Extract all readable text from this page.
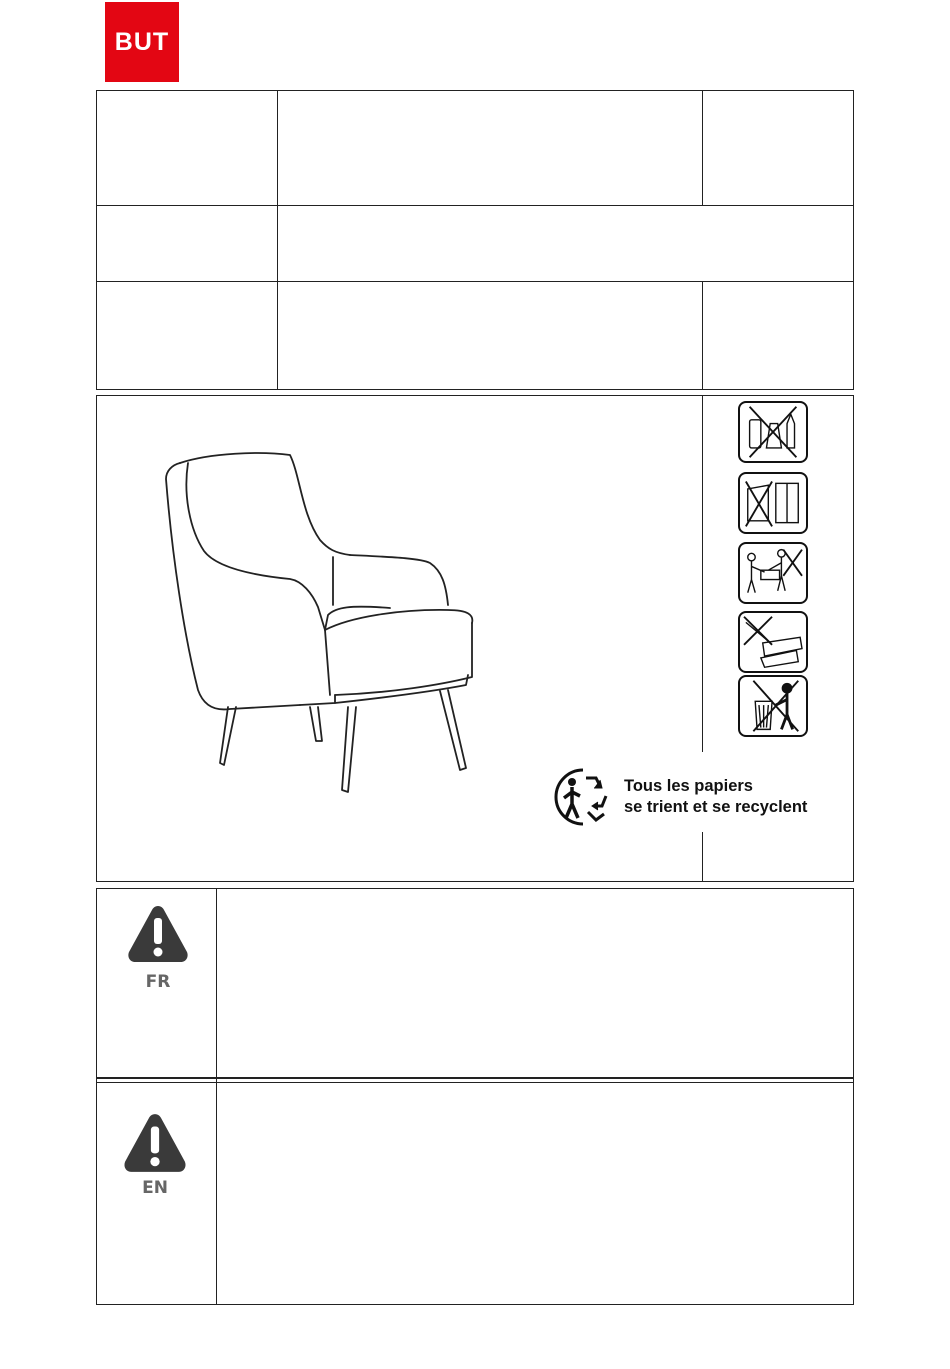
BUT
Tous les papiers
se trient et se recyclent
FR
EN
